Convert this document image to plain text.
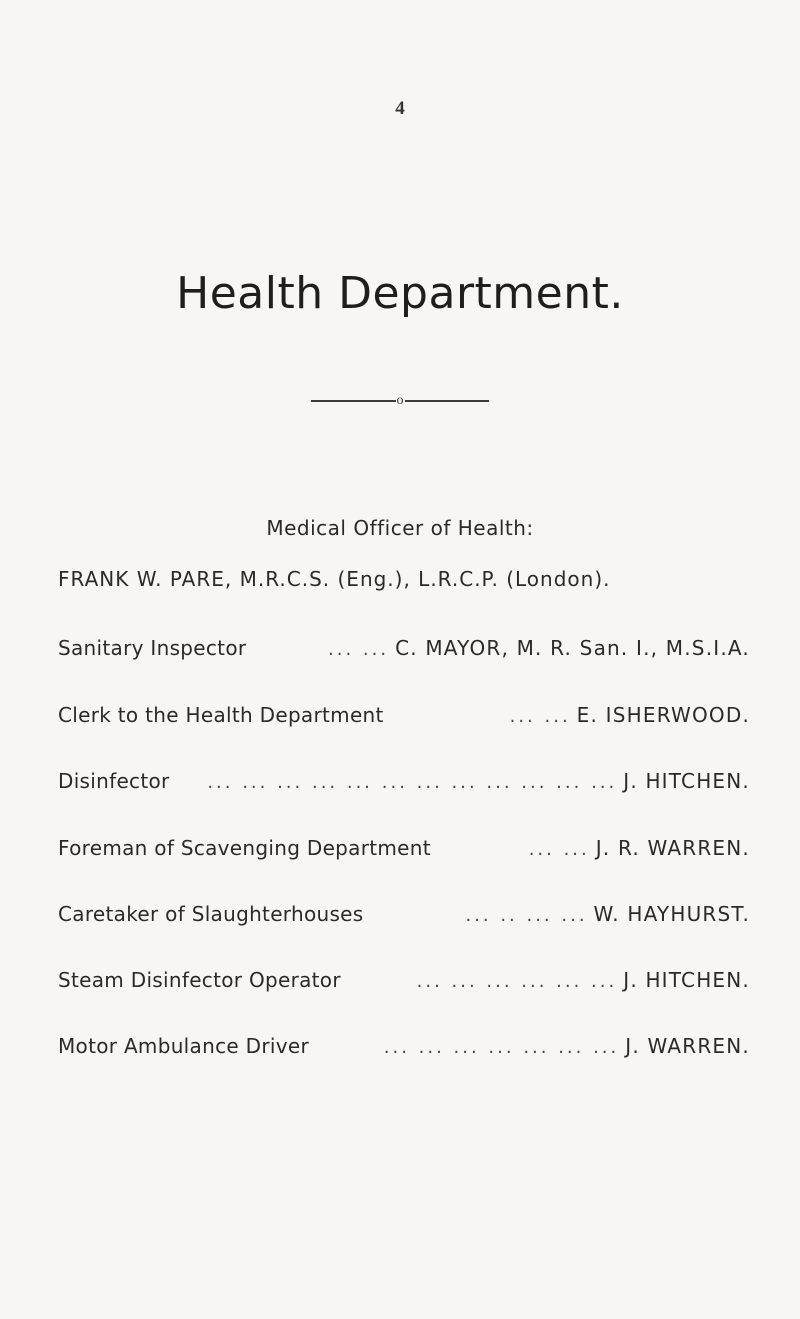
4
Health Department.
o
Medical Officer of Health:
FRANK W. PARE, M.R.C.S. (Eng.), L.R.C.P. (London).
Sanitary Inspector	... ... C. MAYOR, M. R. San. I., M.S.I.A.
Clerk to the Health Department	... ... E. ISHERWOOD.
Disinfector	... ... ... ... ... ... ... ... ... ... ... ... J. HITCHEN.
Foreman of Scavenging Department	... ... J. R. WARREN.
Caretaker of Slaughterhouses	... .. ... ... W. HAYHURST.
Steam Disinfector Operator	... ... ... ... ... ... J. HITCHEN.
Motor Ambulance Driver	... ... ... ... ... ... ... J. WARREN.
